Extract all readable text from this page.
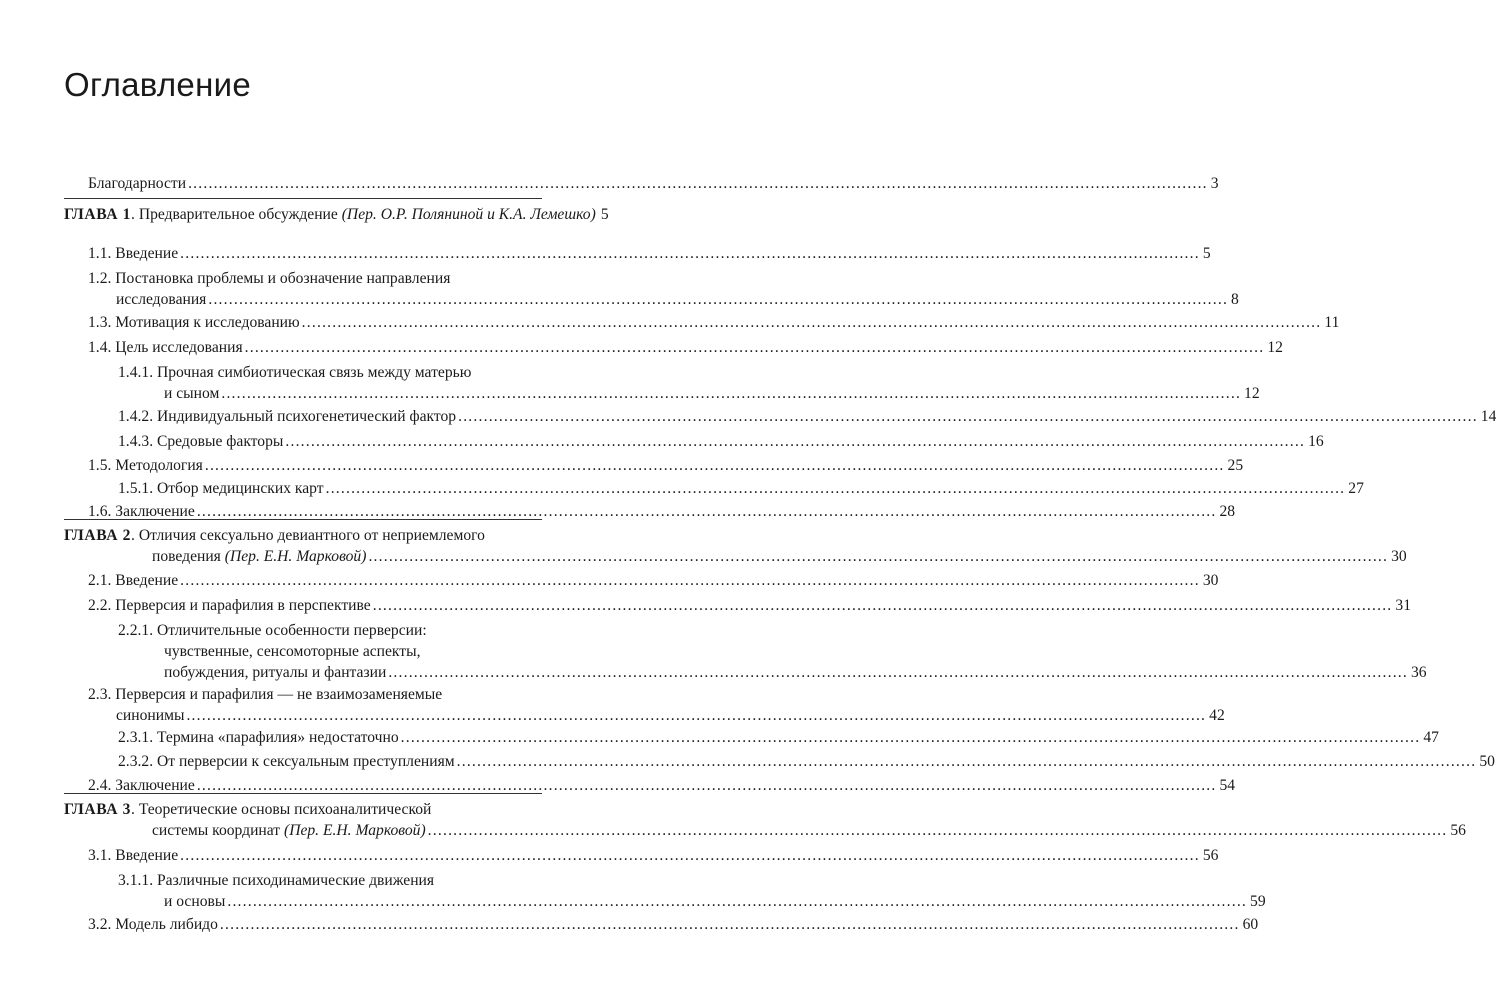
Оглавление
Благодарности ........................................................................................................................................................................................................ 3
ГЛАВА 1. Предварительное обсуждение (Пер. О.Р. Поляниной и К.А. Лемешко) 5
1.1. Введение ........................................................................................................................................................................................................ 5
1.2. Постановка проблемы и обозначение направления
исследования ........................................................................................................................................................................................................ 8
1.3. Мотивация к исследованию ........................................................................................................................................................................................................ 11
1.4. Цель исследования ........................................................................................................................................................................................................ 12
1.4.1. Прочная симбиотическая связь между матерью
и сыном ........................................................................................................................................................................................................ 12
1.4.2. Индивидуальный психогенетический фактор ........................................................................................................................................................................................................ 14
1.4.3. Средовые факторы ........................................................................................................................................................................................................ 16
1.5. Методология ........................................................................................................................................................................................................ 25
1.5.1. Отбор медицинских карт ........................................................................................................................................................................................................ 27
1.6. Заключение ........................................................................................................................................................................................................ 28
ГЛАВА 2. Отличия сексуально девиантного от неприемлемого
поведения (Пер. Е.Н. Марковой) ........................................................................................................................................................................................................ 30
2.1. Введение ........................................................................................................................................................................................................ 30
2.2. Перверсия и парафилия в перспективе ........................................................................................................................................................................................................ 31
2.2.1. Отличительные особенности перверсии:
чувственные, сенсомоторные аспекты,
побуждения, ритуалы и фантазии ........................................................................................................................................................................................................ 36
2.3. Перверсия и парафилия — не взаимозаменяемые
синонимы ........................................................................................................................................................................................................ 42
2.3.1. Термина «парафилия» недостаточно ........................................................................................................................................................................................................ 47
2.3.2. От перверсии к сексуальным преступлениям ........................................................................................................................................................................................................ 50
2.4. Заключение ........................................................................................................................................................................................................ 54
ГЛАВА 3. Теоретические основы психоаналитической
системы координат (Пер. Е.Н. Марковой) ........................................................................................................................................................................................................ 56
3.1. Введение ........................................................................................................................................................................................................ 56
3.1.1. Различные психодинамические движения
и основы ........................................................................................................................................................................................................ 59
3.2. Модель либидо ........................................................................................................................................................................................................ 60
